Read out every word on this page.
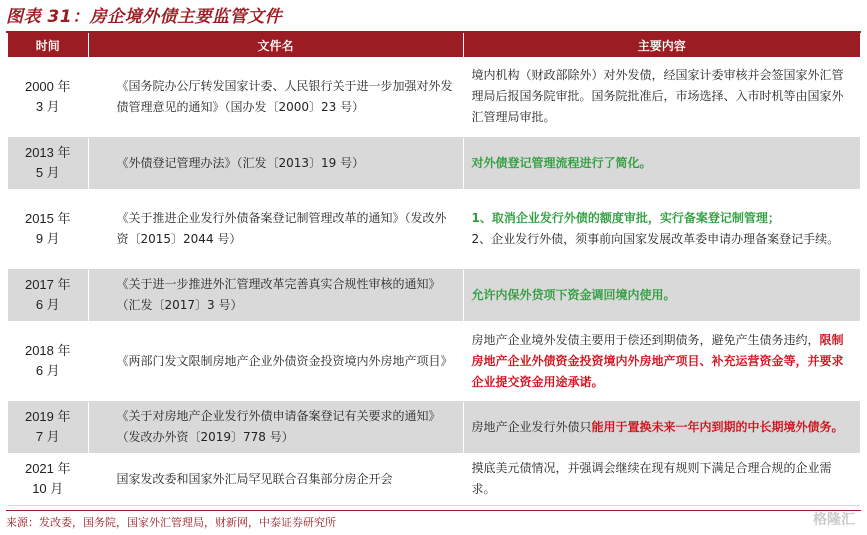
图表 31：房企境外债主要监管文件
时间	文件名	主要内容
2000 年
3 月	《国务院办公厅转发国家计委、人民银行关于进一步加强对外发债管理意见的通知》（国办发〔2000〕23 号）	境内机构（财政部除外）对外发债，经国家计委审核并会签国家外汇管理局后报国务院审批。国务院批准后，市场选择、入市时机等由国家外汇管理局审批。
2013 年
5 月	《外债登记管理办法》（汇发〔2013〕19 号）	对外债登记管理流程进行了简化。
2015 年
9 月	《关于推进企业发行外债备案登记制管理改革的通知》（发改外资〔2015〕2044 号）	1、取消企业发行外债的额度审批，实行备案登记制管理；
2、企业发行外债，须事前向国家发展改革委申请办理备案登记手续。
2017 年
6 月	《关于进一步推进外汇管理改革完善真实合规性审核的通知》（汇发〔2017〕3 号）	允许内保外贷项下资金调回境内使用。
2018 年
6 月	《两部门发文限制房地产企业外债资金投资境内外房地产项目》	房地产企业境外发债主要用于偿还到期债务，避免产生债务违约，限制房地产企业外债资金投资境内外房地产项目、补充运营资金等，并要求企业提交资金用途承诺。
2019 年
7 月	《关于对房地产企业发行外债申请备案登记有关要求的通知》（发改办外资〔2019〕778 号）	房地产企业发行外债只能用于置换未来一年内到期的中长期境外债务。
2021 年
10 月	国家发改委和国家外汇局罕见联合召集部分房企开会	摸底美元债情况，并强调会继续在现有规则下满足合理合规的企业需求。
来源：发改委，国务院，国家外汇管理局，财新网，中泰证券研究所	格隆汇
